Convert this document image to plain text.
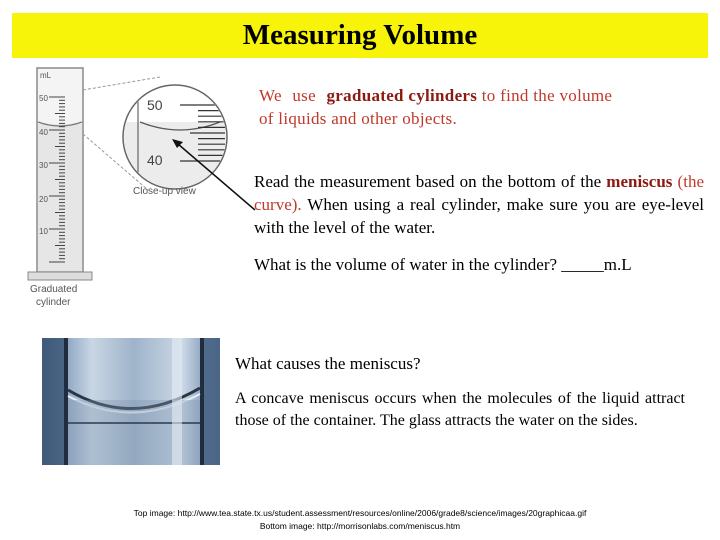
Measuring Volume
mL
50
40
30
20
10
50
40
Close-up view
Graduated
cylinder
We use graduated cylinders to find the volume of liquids and other objects.
Read the measurement based on the bottom of the meniscus (the curve). When using a real cylinder, make sure you are eye-level with the level of the water.
What is the volume of water in the cylinder? _____m.L
What causes the meniscus?
A concave meniscus occurs when the molecules of the liquid attract those of the container. The glass attracts the water on the sides.
Top image: http://www.tea.state.tx.us/student.assessment/resources/online/2006/grade8/science/images/20graphicaa.gif
Bottom image: http://morrisonlabs.com/meniscus.htm
